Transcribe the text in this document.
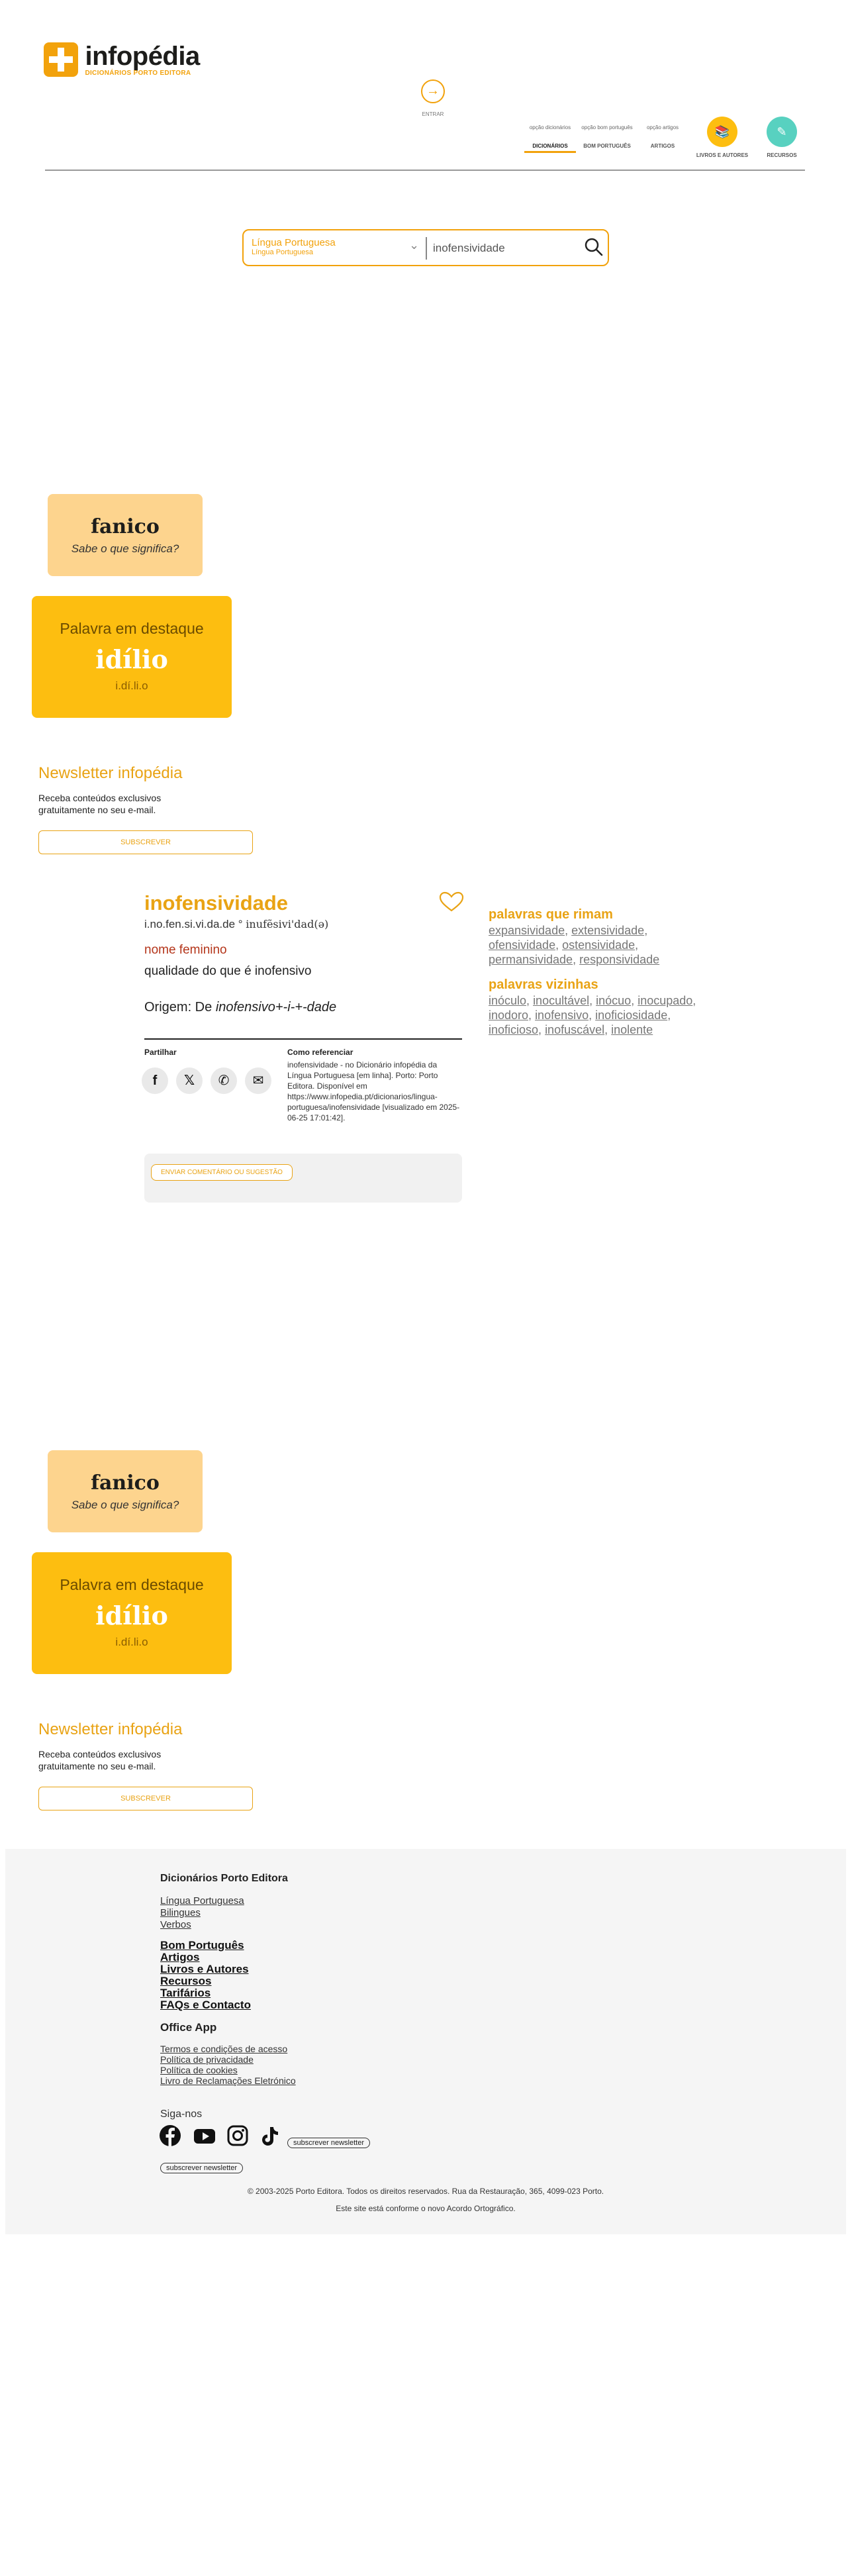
infopédia
DICIONÁRIOS PORTO EDITORA
→
ENTRAR
opção dicionários
DICIONÁRIOS
opção bom português
BOM PORTUGUÊS
opção artigos
ARTIGOS
📚
LIVROS E AUTORES
✎
RECURSOS
Língua Portuguesa
Língua Portuguesa
⌄
inofensividade
fanico
Sabe o que significa?
Palavra em destaque
idílio
i.dí.li.o
Newsletter infopédia
Receba conteúdos exclusivos gratuitamente no seu e-mail.
SUBSCREVER
inofensividade
i.no.fen.si.vi.da.de ° inufẽsivi'dad(ə)
nome feminino
qualidade do que é inofensivo
Origem: De inofensivo+-i-+-dade
Partilhar
f	𝕏	✆	✉
Como referenciar
inofensividade - no Dicionário infopédia da Língua Portuguesa [em linha]. Porto: Porto Editora. Disponível em https://www.infopedia.pt/dicionarios/lingua-portuguesa/inofensividade [visualizado em 2025-06-25 17:01:42].
ENVIAR COMENTÁRIO OU SUGESTÃO
palavras que rimam
expansividade, extensividade, ofensividade, ostensividade, permansividade, responsividade
palavras vizinhas
inóculo, inocultável, inócuo, inocupado, inodoro, inofensivo, inoficiosidade, inoficioso, inofuscável, inolente
fanico
Sabe o que significa?
Palavra em destaque
idílio
i.dí.li.o
Newsletter infopédia
Receba conteúdos exclusivos gratuitamente no seu e-mail.
SUBSCREVER
Dicionários Porto Editora
Língua Portuguesa
Bilingues
Verbos
Bom Português
Artigos
Livros e Autores
Recursos
Tarifários
FAQs e Contacto
Office App
Termos e condições de acesso
Política de privacidade
Política de cookies
Livro de Reclamações Eletrónico
Siga-nos
subscrever newsletter
subscrever newsletter
© 2003-2025 Porto Editora. Todos os direitos reservados. Rua da Restauração, 365, 4099-023 Porto.
Este site está conforme o novo Acordo Ortográfico.
